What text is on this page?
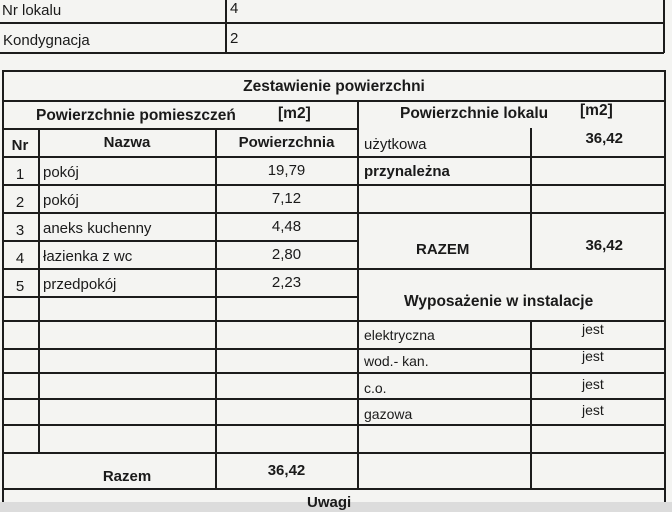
Nr lokalu	4
Kondygnacja	2
Zestawienie powierzchni
Powierzchnie pomieszczeń	[m2]	Powierzchnie lokalu [m2]
Nr	Nazwa	Powierzchnia
1	pokój	19,79
2	pokój	7,12
3	aneks kuchenny	4,48
4	łazienka z wc	2,80
5	przedpokój	2,23
Razem	36,42
użytkowa	36,42
przynależna
RAZEM	36,42
Wyposażenie w instalacje
elektryczna	jest
wod.- kan.	jest
c.o.	jest
gazowa	jest
Uwagi
